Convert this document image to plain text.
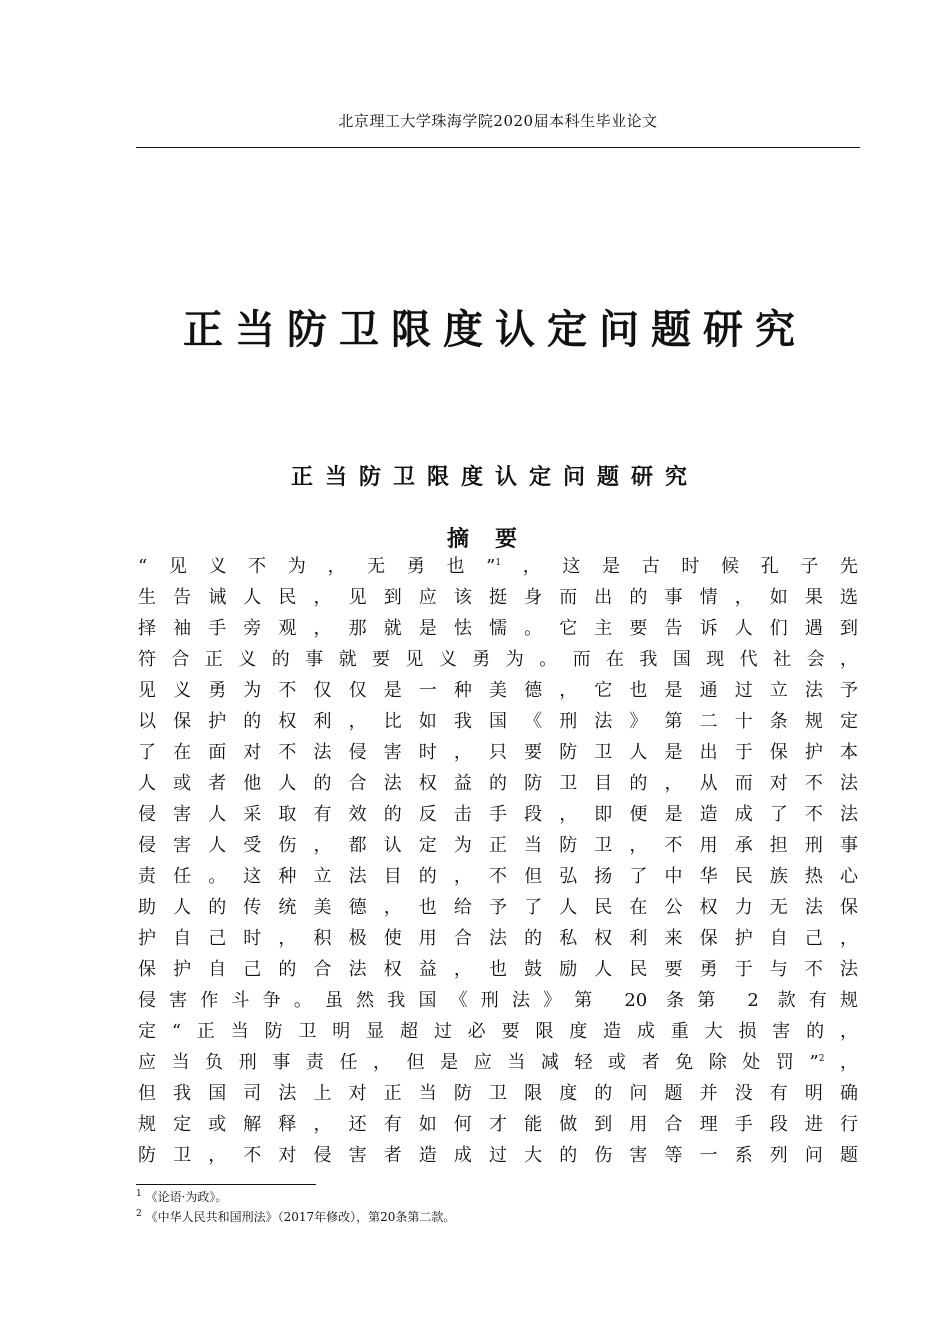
北京理工大学珠海学院2020届本科生毕业论文
正当防卫限度认定问题研究
正当防卫限度认定问题研究
摘要
“见义不为，无勇也”$^1$，这是古时候孔子先
生告诫人民，见到应该挺身而出的事情，如果选
择袖手旁观，那就是怯懦。它主要告诉人们遇到
符合正义的事就要见义勇为。而在我国现代社会，
见义勇为不仅仅是一种美德，它也是通过立法予
以保护的权利，比如我国《刑法》第二十条规定
了在面对不法侵害时，只要防卫人是出于保护本
人或者他人的合法权益的防卫目的，从而对不法
侵害人采取有效的反击手段，即便是造成了不法
侵害人受伤，都认定为正当防卫，不用承担刑事
责任。这种立法目的，不但弘扬了中华民族热心
助人的传统美德，也给予了人民在公权力无法保
护自己时，积极使用合法的私权利来保护自己，
保护自己的合法权益，也鼓励人民要勇于与不法
侵害作斗争。虽然我国《刑法》第 20 条第 2 款有规
定“正当防卫明显超过必要限度造成重大损害的，
应当负刑事责任，但是应当减轻或者免除处罚”$^2$，
但我国司法上对正当防卫限度的问题并没有明确
规定或解释，还有如何才能做到用合理手段进行
防卫，不对侵害者造成过大的伤害等一系列问题
$^1$ 《论语·为政》。
$^2$ 《中华人民共和国刑法》（2017年修改），第20条第二款。
